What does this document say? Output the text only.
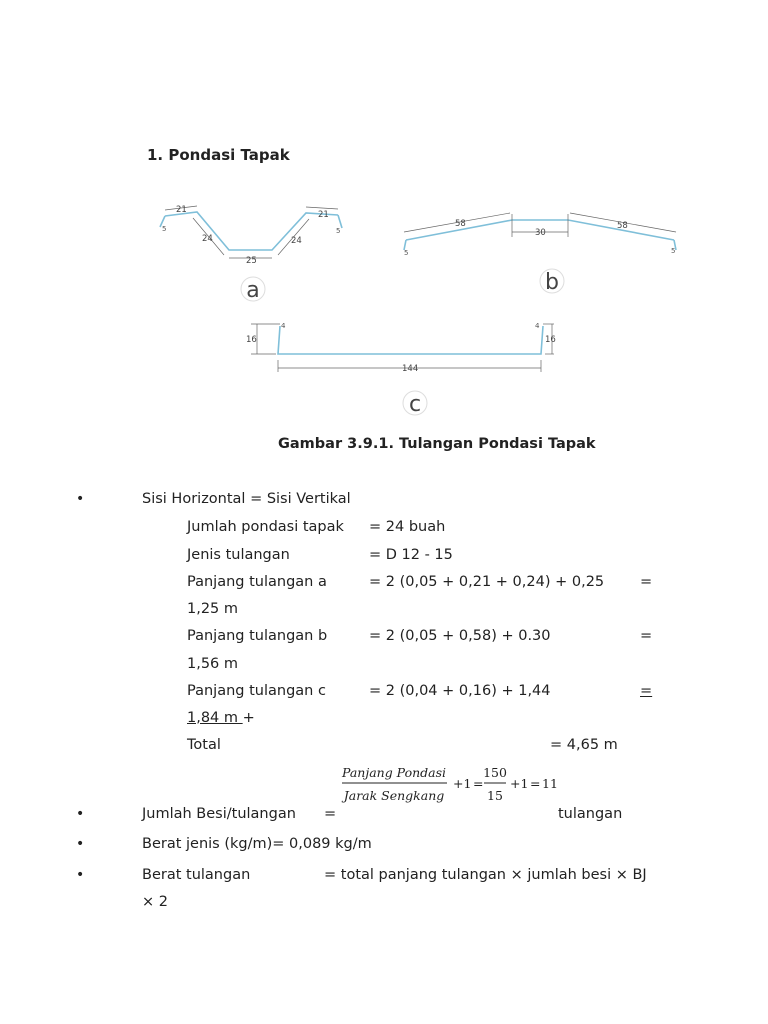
1. Pondasi Tapak
21
24
25
24
21
5	5
a
58
30
58
5	5
b
16
144
16
4	4
c
Gambar 3.9.1. Tulangan Pondasi Tapak
•	Sisi Horizontal = Sisi Vertikal
Jumlah pondasi tapak = 24 buah
Jenis tulangan	= D 12 - 15
Panjang tulangan a	= 2 (0,05 + 0,21 + 0,24) + 0,25 =
1,25 m
Panjang tulangan b	= 2 (0,05 + 0,58) + 0.30	=
1,56 m
Panjang tulangan c	= 2 (0,04 + 0,16) + 1,44	=
1,84 m +
Total	= 4,65 m
Panjang Pondasi
Jarak Sengkang
+1 =
150
15
+1 = 11
•	Jumlah Besi/tulangan =	tulangan
•	Berat jenis (kg/m)= 0,089 kg/m
•	Berat tulangan	= total panjang tulangan × jumlah besi × BJ
× 2
